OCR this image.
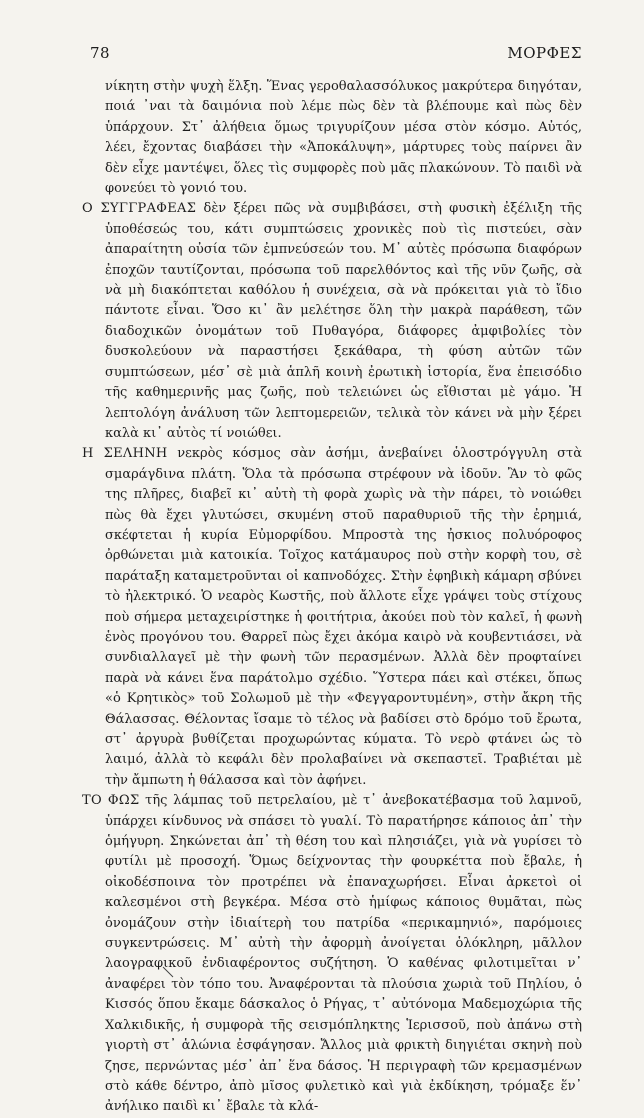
78	ΜΟΡΦΕΣ

νίκητη στὴν ψυχὴ ἕλξη. Ἕνας γεροθαλασσόλυκος μακρύτερα διηγόταν, ποιά ᾽ναι τὰ δαιμόνια ποὺ λέμε πὼς δὲν τὰ βλέπουμε καὶ πὼς δὲν ὑπάρχουν. Στ᾽ ἀλήθεια ὅμως τριγυρίζουν μέσα στὸν κόσμο. Αὐτός, λέει, ἔχοντας διαβάσει τὴν «Ἀποκάλυψη», μάρτυρες τοὺς παίρνει ἂν δὲν εἶχε μαντέψει, ὅλες τὶς συμφορὲς ποὺ μᾶς πλακώνουν. Τὸ παιδὶ νὰ φονεύει τὸ γονιό του.

Ο ΣΥΓΓΡΑΦΕΑΣ δὲν ξέρει πῶς νὰ συμβιβάσει, στὴ φυσικὴ ἐξέλιξη τῆς ὑποθέσεώς του, κάτι συμπτώσεις χρονικὲς ποὺ τὶς πιστεύει, σὰν ἀπαραίτητη οὐσία τῶν ἐμπνεύσεών του. Μ᾽ αὐτὲς πρόσωπα διαφόρων ἐποχῶν ταυτίζονται, πρόσωπα τοῦ παρελθόντος καὶ τῆς νῦν ζωῆς, σὰ νὰ μὴ διακόπτεται καθόλου ἡ συνέχεια, σὰ νὰ πρόκειται γιὰ τὸ ἴδιο πάντοτε εἶναι. Ὅσο κι᾽ ἂν μελέτησε ὅλη τὴν μακρὰ παράθεση, τῶν διαδοχικῶν ὀνομάτων τοῦ Πυθαγόρα, διάφορες ἀμφιβολίες τὸν δυσκολεύουν νὰ παραστήσει ξεκάθαρα, τὴ φύση αὐτῶν τῶν συμπτώσεων, μέσ᾽ σὲ μιὰ ἁπλῆ κοινὴ ἐρωτικὴ ἱστορία, ἕνα ἐπεισόδιο τῆς καθημερινῆς μας ζωῆς, ποὺ τελειώνει ὡς εἴθισται μὲ γάμο. Ἡ λεπτολόγη ἀνάλυση τῶν λεπτομερειῶν, τελικὰ τὸν κάνει νὰ μὴν ξέρει καλὰ κι᾽ αὐτὸς τί νοιώθει.

Η ΣΕΛΗΝΗ νεκρὸς κόσμος σὰν ἀσήμι, ἀνεβαίνει ὁλοστρόγγυλη στὰ σμαράγδινα πλάτη. Ὅλα τὰ πρόσωπα στρέφουν νὰ ἰδοῦν. Ἂν τὸ φῶς της πλῆρες, διαβεῖ κι᾽ αὐτὴ τὴ φορὰ χωρὶς νὰ τὴν πάρει, τὸ νοιώθει πὼς θὰ ἔχει γλυτώσει, σκυμένη στοῦ παραθυριοῦ τῆς τὴν ἐρημιά, σκέφτεται ἡ κυρία Εὐμορφίδου. Μπροστὰ της ἠσκιος πολυόροφος ὀρθώνεται μιὰ κατοικία. Τοῖχος κατάμαυρος ποὺ στὴν κορφὴ του, σὲ παράταξη καταμετροῦνται οἱ καπνοδόχες. Στὴν ἐφηβικὴ κάμαρη σβύνει τὸ ἠλεκτρικό. Ὁ νεαρὸς Κωστῆς, ποὺ ἄλλοτε εἶχε γράψει τοὺς στίχους ποὺ σήμερα μεταχειρίστηκε ἡ φοιτήτρια, ἀκούει ποὺ τὸν καλεῖ, ἡ φωνὴ ἑνὸς προγόνου του. Θαρρεῖ πὼς ἔχει ἀκόμα καιρὸ νὰ κουβεντιάσει, νὰ συνδιαλλαγεῖ μὲ τὴν φωνὴ τῶν περασμένων. Ἀλλὰ δὲν προφταίνει παρὰ νὰ κάνει ἕνα παράτολμο σχέδιο. Ὕστερα πάει καὶ στέκει, ὅπως «ὁ Κρητικὸς» τοῦ Σολωμοῦ μὲ τὴν «Φεγγαροντυμένη», στὴν ἄκρη τῆς Θάλασσας. Θέλοντας ἴσαμε τὸ τέλος νὰ βαδίσει στὸ δρόμο τοῦ ἔρωτα, στ᾽ ἀργυρὰ βυθίζεται προχωρώντας κύματα. Τὸ νερὸ φτάνει ὡς τὸ λαιμό, ἀλλὰ τὸ κεφάλι δὲν προλαβαίνει νὰ σκεπαστεῖ. Τραβιέται μὲ τὴν ἄμπωτη ἡ θάλασσα καὶ τὸν ἀφήνει.

ΤΟ ΦΩΣ τῆς λάμπας τοῦ πετρελαίου, μὲ τ᾽ ἀνεβοκατέβασμα τοῦ λαμνοῦ, ὑπάρχει κίνδυνος νὰ σπάσει τὸ γυαλί. Τὸ παρατήρησε κάποιος ἀπ᾽ τὴν ὁμήγυρη. Σηκώνεται ἀπ᾽ τὴ θέση του καὶ πλησιάζει, γιὰ νὰ γυρίσει τὸ φυτίλι μὲ προσοχή. Ὅμως δείχνοντας τὴν φουρκέττα ποὺ ἔβαλε, ἡ οἰκοδέσποινα τὸν προτρέπει νὰ ἐπαναχωρήσει. Εἶναι ἀρκετοὶ οἱ καλεσμένοι στὴ βεγκέρα. Μέσα στὸ ἡμίφως κάποιος θυμᾶται, πὼς ὀνομάζουν στὴν ἰδιαίτερὴ του πατρίδα «περικαμηνιό», παρόμοιες συγκεντρώσεις. Μ᾽ αὐτὴ τὴν ἀφορμὴ ἀνοίγεται ὁλόκληρη, μᾶλλον λαογραφικοῦ ἐνδιαφέροντος συζήτηση. Ὁ καθένας φιλοτιμεῖται ν᾽ ἀναφέρει τὸν τόπο του. Ἀναφέρονται τὰ πλούσια χωριὰ τοῦ Πηλίου, ὁ Κισσός ὅπου ἔκαμε δάσκαλος ὁ Ρήγας, τ᾽ αὐτόνομα Μαδεμοχώρια τῆς Χαλκιδικῆς, ἡ συμφορὰ τῆς σεισμόπληκτης Ἱερισσοῦ, ποὺ ἀπάνω στὴ γιορτὴ στ᾽ ἁλώνια ἐσφάγησαν. Ἄλλος μιὰ φρικτὴ διηγιέται σκηνὴ ποὺ ζησε, περνώντας μέσ᾽ ἀπ᾽ ἕνα δάσος. Ἡ περιγραφὴ τῶν κρεμασμένων στὸ κάθε δέντρο, ἀπὸ μῖσος φυλετικὸ καὶ γιὰ ἐκδίκηση, τρόμαξε ἕν᾽ ἀνήλικο παιδὶ κι᾽ ἔβαλε τὰ κλά-
